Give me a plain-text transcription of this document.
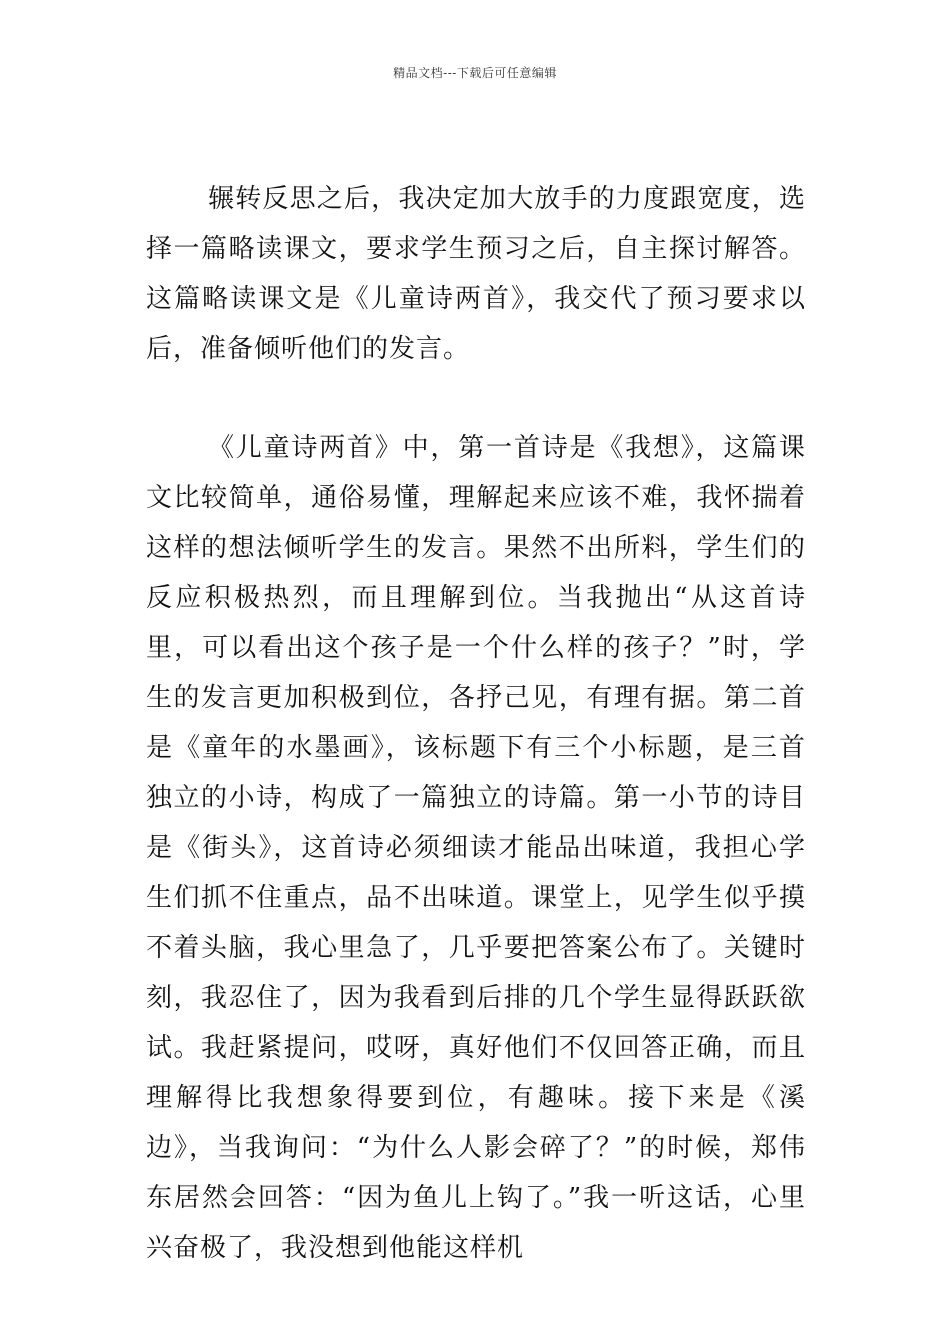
精品文档---下载后可任意编辑

辗转反思之后，我决定加大放手的力度跟宽度，选择一篇略读课文，要求学生预习之后，自主探讨解答。这篇略读课文是《儿童诗两首》，我交代了预习要求以后，准备倾听他们的发言。

《儿童诗两首》中，第一首诗是《我想》，这篇课文比较简单，通俗易懂，理解起来应该不难，我怀揣着这样的想法倾听学生的发言。果然不出所料，学生们的反应积极热烈，而且理解到位。当我抛出“从这首诗里，可以看出这个孩子是一个什么样的孩子？”时，学生的发言更加积极到位，各抒己见，有理有据。第二首是《童年的水墨画》，该标题下有三个小标题，是三首独立的小诗，构成了一篇独立的诗篇。第一小节的诗目是《街头》，这首诗必须细读才能品出味道，我担心学生们抓不住重点，品不出味道。课堂上，见学生似乎摸不着头脑，我心里急了，几乎要把答案公布了。关键时刻，我忍住了，因为我看到后排的几个学生显得跃跃欲试。我赶紧提问，哎呀，真好他们不仅回答正确，而且理解得比我想象得要到位，有趣味。接下来是《溪边》，当我询问：“为什么人影会碎了？”的时候，郑伟东居然会回答：“因为鱼儿上钩了。”我一听这话，心里兴奋极了，我没想到他能这样机
